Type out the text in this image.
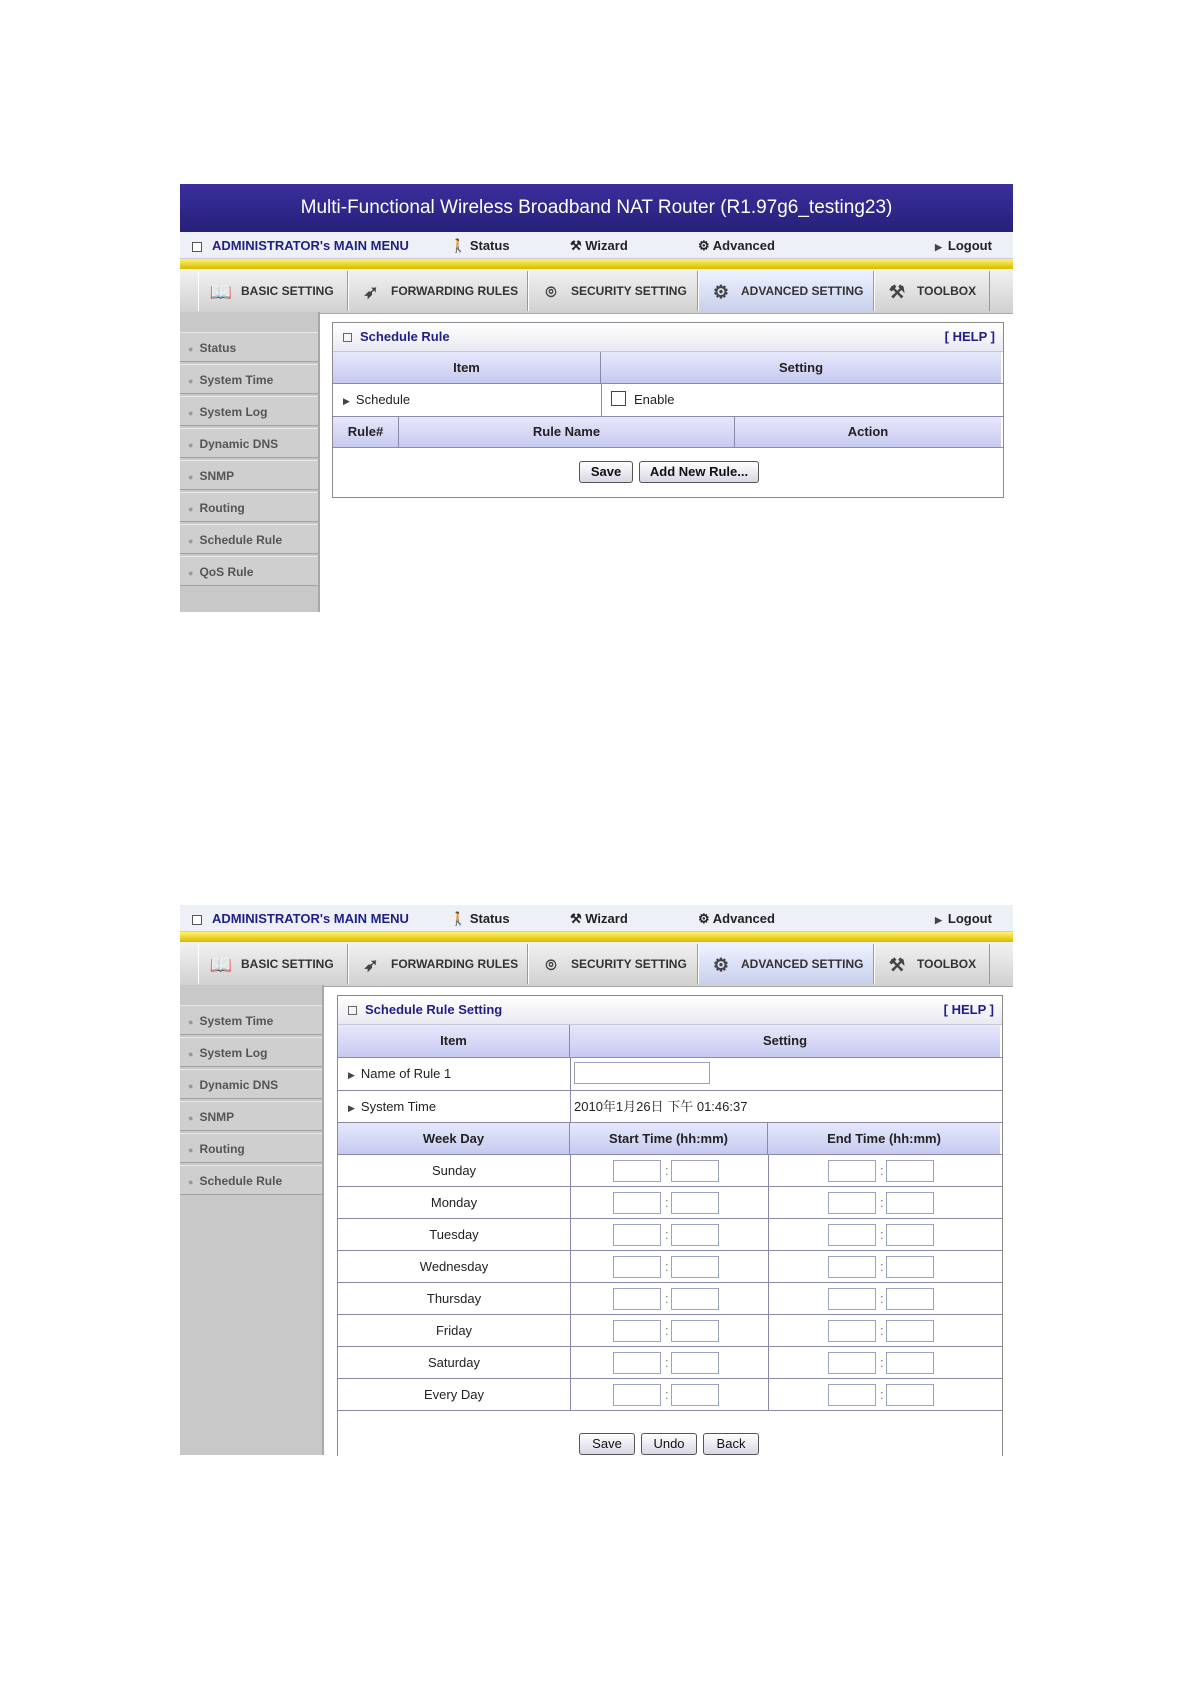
Multi-Functional Wireless Broadband NAT Router (R1.97g6_testing23)
ADMINISTRATOR's MAIN MENU	🚶 Status	⚒ Wizard	⚙ Advanced	▶ Logout
📖 BASIC SETTING	➶ FORWARDING RULES	⌾ SECURITY SETTING	⚙ ADVANCED SETTING	⚒ TOOLBOX
● Status
● System Time
● System Log
● Dynamic DNS
● SNMP
● Routing
● Schedule Rule
● QoS Rule
Schedule Rule	[ HELP ]
Item	Setting
▶ Schedule	Enable
Rule#	Rule Name	Action
Save	Add New Rule...
ADMINISTRATOR's MAIN MENU	🚶 Status	⚒ Wizard	⚙ Advanced	▶ Logout
📖 BASIC SETTING	➶ FORWARDING RULES	⌾ SECURITY SETTING	⚙ ADVANCED SETTING	⚒ TOOLBOX
● System Time
● System Log
● Dynamic DNS
● SNMP
● Routing
● Schedule Rule
Schedule Rule Setting	[ HELP ]
Item	Setting
▶ Name of Rule 1
▶ System Time	2010年1月26日 下午 01:46:37
Week Day	Start Time (hh:mm)	End Time (hh:mm)
Sunday	:	:
Monday	:	:
Tuesday	:	:
Wednesday	:	:
Thursday	:	:
Friday	:	:
Saturday	:	:
Every Day	:	:
Save	Undo	Back
